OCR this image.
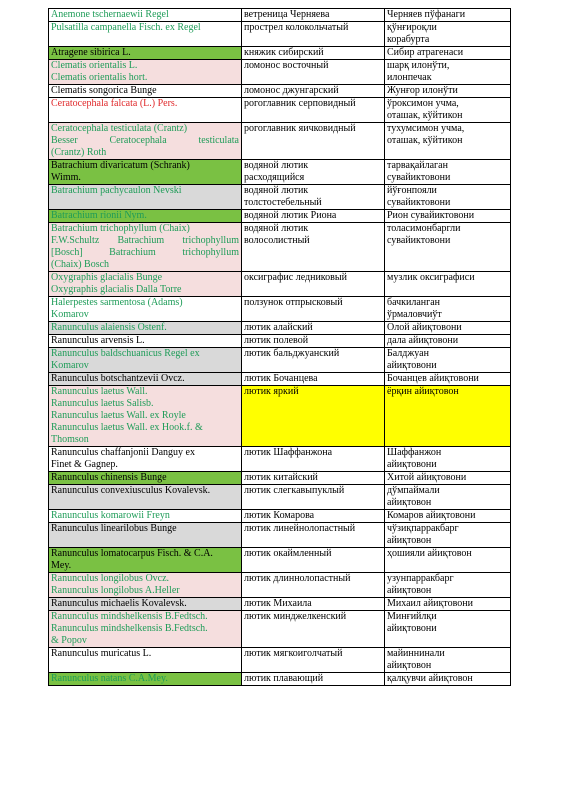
Anemone tschernaewii Regel	ветреница Черняева	Черняев пўфанаги

Pulsatilla campanella Fisch. ex Regel	прострел колокольчатый	қўнғироқли
корабурта

Atragene sibirica L.	княжик сибирский	Сибир атрагенаси

Clematis orientalis L.
Clematis orientalis hort.	ломонос восточный	шарқ илонўти,
илонпечак

Clematis songorica Bunge	ломонос джунгарский	Жунғор илонўти

Ceratocephala falcata (L.) Pers.	рогоглавник серповидный	ўроксимон учма,
оташак, кўйтикон

Ceratocephala testiculata (Crantz)
Besser Ceratocephala testiculata
(Crantz) Roth	рогоглавник яичковидный	тухумсимон учма,
оташак, кўйтикон

Batrachium divaricatum (Schrank)
Wimm.	водяной лютик
расходящийся	тарвақайлаган
сувайиктовони

Batrachium pachycaulon Nevski	водяной лютик
толстостебельный	йўғонпояли
сувайиктовони

Batrachium rionii Nym.	водяной лютик Риона	Рион сувайиктовони

Batrachium trichophyllum (Chaix)
F.W.Schultz Batrachium trichophyllum
[Bosch] Batrachium trichophyllum
(Chaix) Bosch	водяной лютик
волосолистный	толасимонбаргли
сувайиктовони

Oxygraphis glacialis Bunge
Oxygraphis glacialis Dalla Torre	оксиграфис ледниковый	музлик оксиграфиси

Halerpestes sarmentosa (Adams)
Komarov	ползунок отпрысковый	бачкиланган
ўрмаловчиўт

Ranunculus alaiensis Ostenf.	лютик алайский	Олой айиқтовони

Ranunculus arvensis L.	лютик полевой	дала айиқтовони

Ranunculus baldschuanicus Regel ex
Komarov	лютик бальджуанский	Балджуан
айиқтовони

Ranunculus botschantzevii Ovcz.	лютик Бочанцева	Бочанцев айиқтовони

Ranunculus laetus Wall.
Ranunculus laetus Salisb.
Ranunculus laetus Wall. ex Royle
Ranunculus laetus Wall. ex Hook.f. &
Thomson	лютик яркий	ёрқин айиқтовон

Ranunculus chaffanjonii Danguy ex
Finet & Gagnep.	лютик Шаффанжона	Шаффанжон
айиқтовони

Ranunculus chinensis Bunge	лютик китайский	Хитой айиқтовони

Ranunculus convexiusculus Kovalevsk.	лютик слегкавыпуклый	дўмпаймали
айиқтовон

Ranunculus komarowii Freyn	лютик Комарова	Комаров айиқтовони

Ranunculus linearilobus Bunge	лютик линейнолопастный	чўзиқпарракбарг
айиқтовон

Ranunculus lomatocarpus Fisch. & C.A.
Mey.	лютик окаймленный	ҳошияли айиқтовон

Ranunculus longilobus Ovcz.
Ranunculus longilobus A.Heller	лютик длиннолопастный	узунпарракбарг
айиқтовон

Ranunculus michaelis Kovalevsk.	лютик Михаила	Михаил айиқтовони

Ranunculus mindshelkensis B.Fedtsch.
Ranunculus mindshelkensis B.Fedtsch.
& Popov	лютик минджелкенский	Минғийлқи
айиқтовони

Ranunculus muricatus L.	лютик мягкоиголчатый	майиннинали
айиқтовон

Ranunculus natans C.A.Mey.	лютик плавающий	қалқувчи айиқтовон
